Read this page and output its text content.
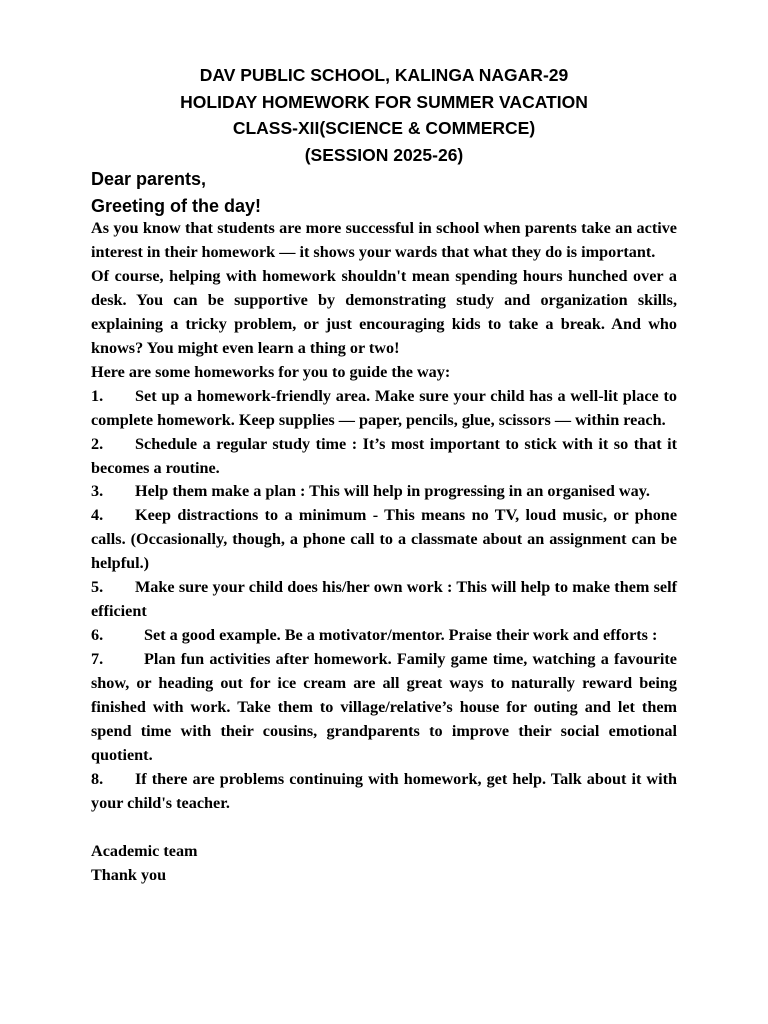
DAV PUBLIC SCHOOL, KALINGA NAGAR-29
HOLIDAY HOMEWORK FOR SUMMER VACATION
CLASS-XII(SCIENCE & COMMERCE)
(SESSION 2025-26)
Dear parents,
Greeting of the day!

As you know that students are more successful in school when parents take an active interest in their homework — it shows your wards that what they do is important.

Of course, helping with homework shouldn't mean spending hours hunched over a desk. You can be supportive by demonstrating study and organization skills, explaining a tricky problem, or just encouraging kids to take a break. And who knows? You might even learn a thing or two!

Here are some homeworks for you to guide the way:

1. Set up a homework-friendly area. Make sure your child has a well-lit place to complete homework. Keep supplies — paper, pencils, glue, scissors — within reach.
2. Schedule a regular study time : It’s most important to stick with it so that it becomes a routine.
3. Help them make a plan : This will help in progressing in an organised way.
4. Keep distractions to a minimum - This means no TV, loud music, or phone calls. (Occasionally, though, a phone call to a classmate about an assignment can be helpful.)
5. Make sure your child does his/her own work : This will help to make them self efficient
6.	Set a good example. Be a motivator/mentor. Praise their work and efforts :
7.	Plan fun activities after homework. Family game time, watching a favourite show, or heading out for ice cream are all great ways to naturally reward being finished with work. Take them to village/relative’s house for outing and let them spend time with their cousins, grandparents to improve their social emotional quotient.
8. If there are problems continuing with homework, get help. Talk about it with your child's teacher.
Academic team
Thank you
